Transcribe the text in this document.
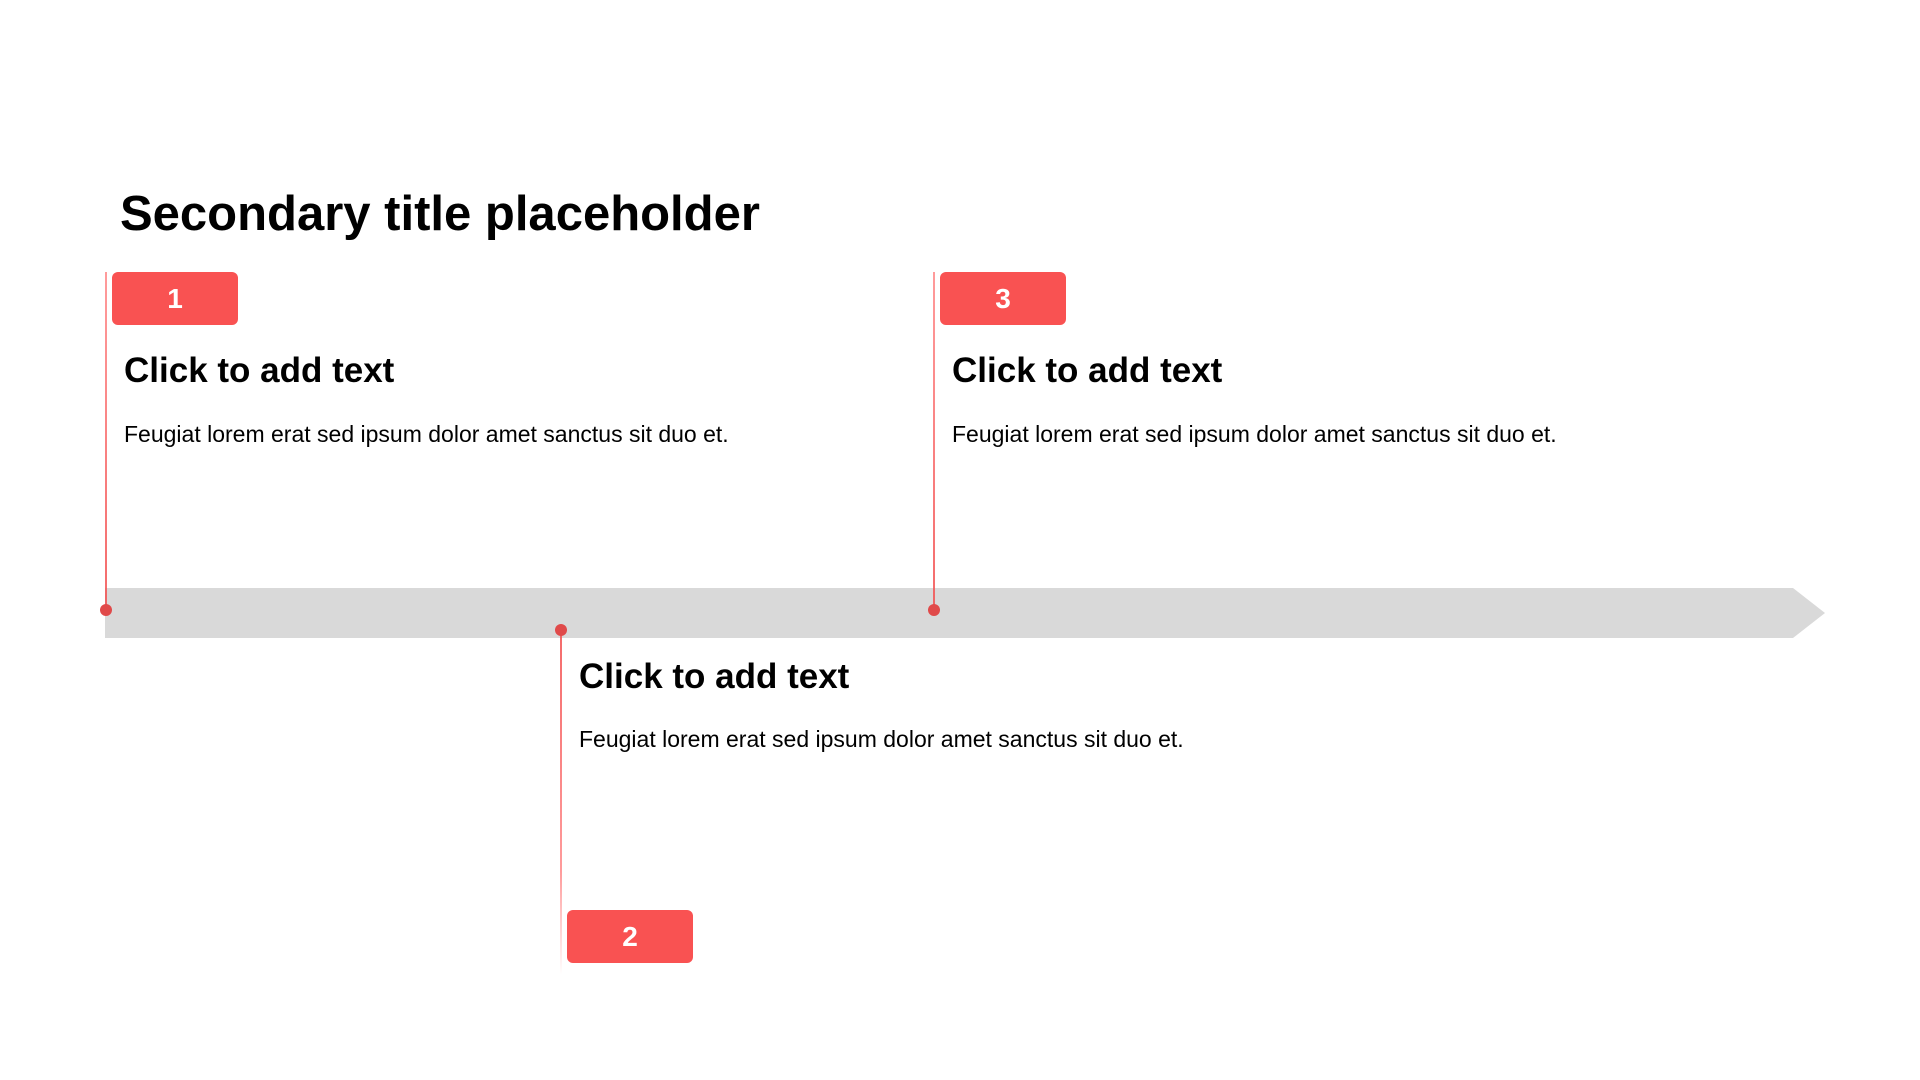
Secondary title placeholder
1
Click to add text

Feugiat lorem erat sed ipsum dolor amet sanctus sit duo et.

3
Click to add text

Feugiat lorem erat sed ipsum dolor amet sanctus sit duo et.

Click to add text

Feugiat lorem erat sed ipsum dolor amet sanctus sit duo et.

2
